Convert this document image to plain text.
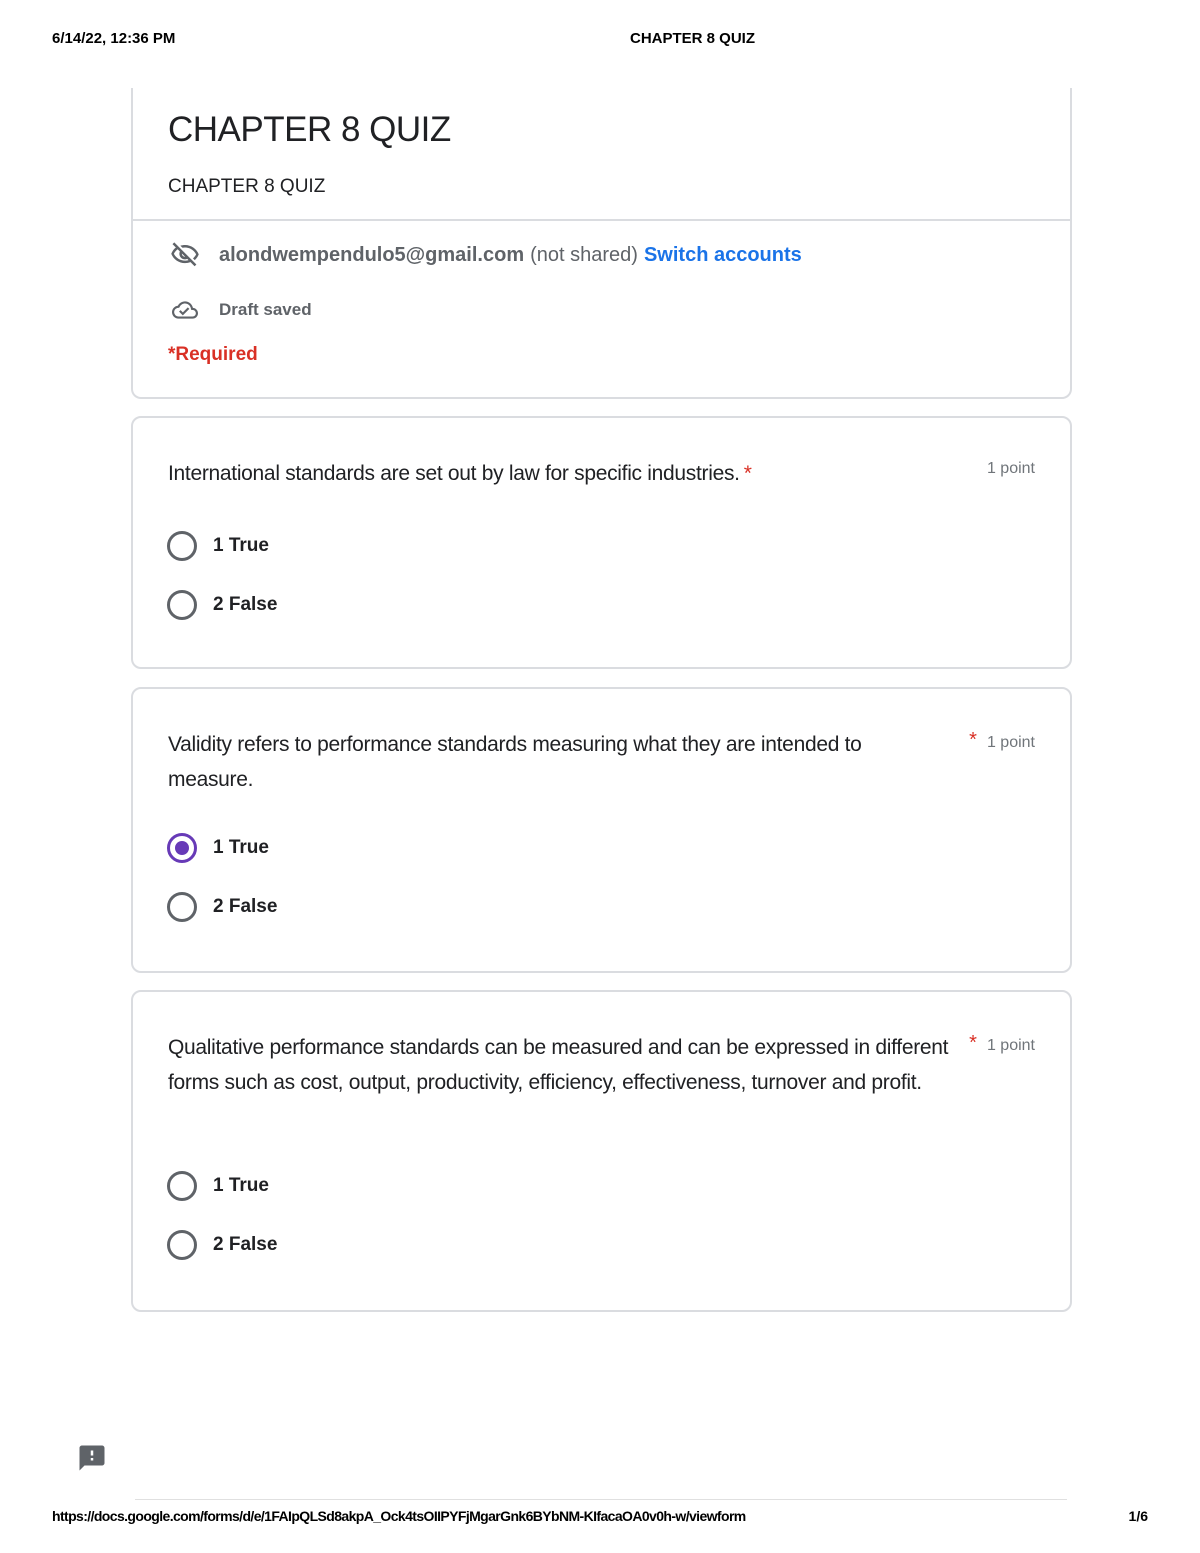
6/14/22, 12:36 PM	CHAPTER 8 QUIZ
CHAPTER 8 QUIZ
CHAPTER 8 QUIZ
alondwempendulo5@gmail.com (not shared) Switch accounts
Draft saved
*Required
International standards are set out by law for specific industries. *	1 point
1 True
2 False
Validity refers to performance standards measuring what they are intended to measure.
* 1 point
1 True
2 False
Qualitative performance standards can be measured and can be expressed in different forms such as cost, output, productivity, efficiency, effectiveness, turnover and profit.
* 1 point
1 True
2 False
https://docs.google.com/forms/d/e/1FAIpQLSd8akpA_Ock4tsOIIPYFjMgarGnk6BYbNM-KIfacaOA0v0h-w/viewform	1/6
